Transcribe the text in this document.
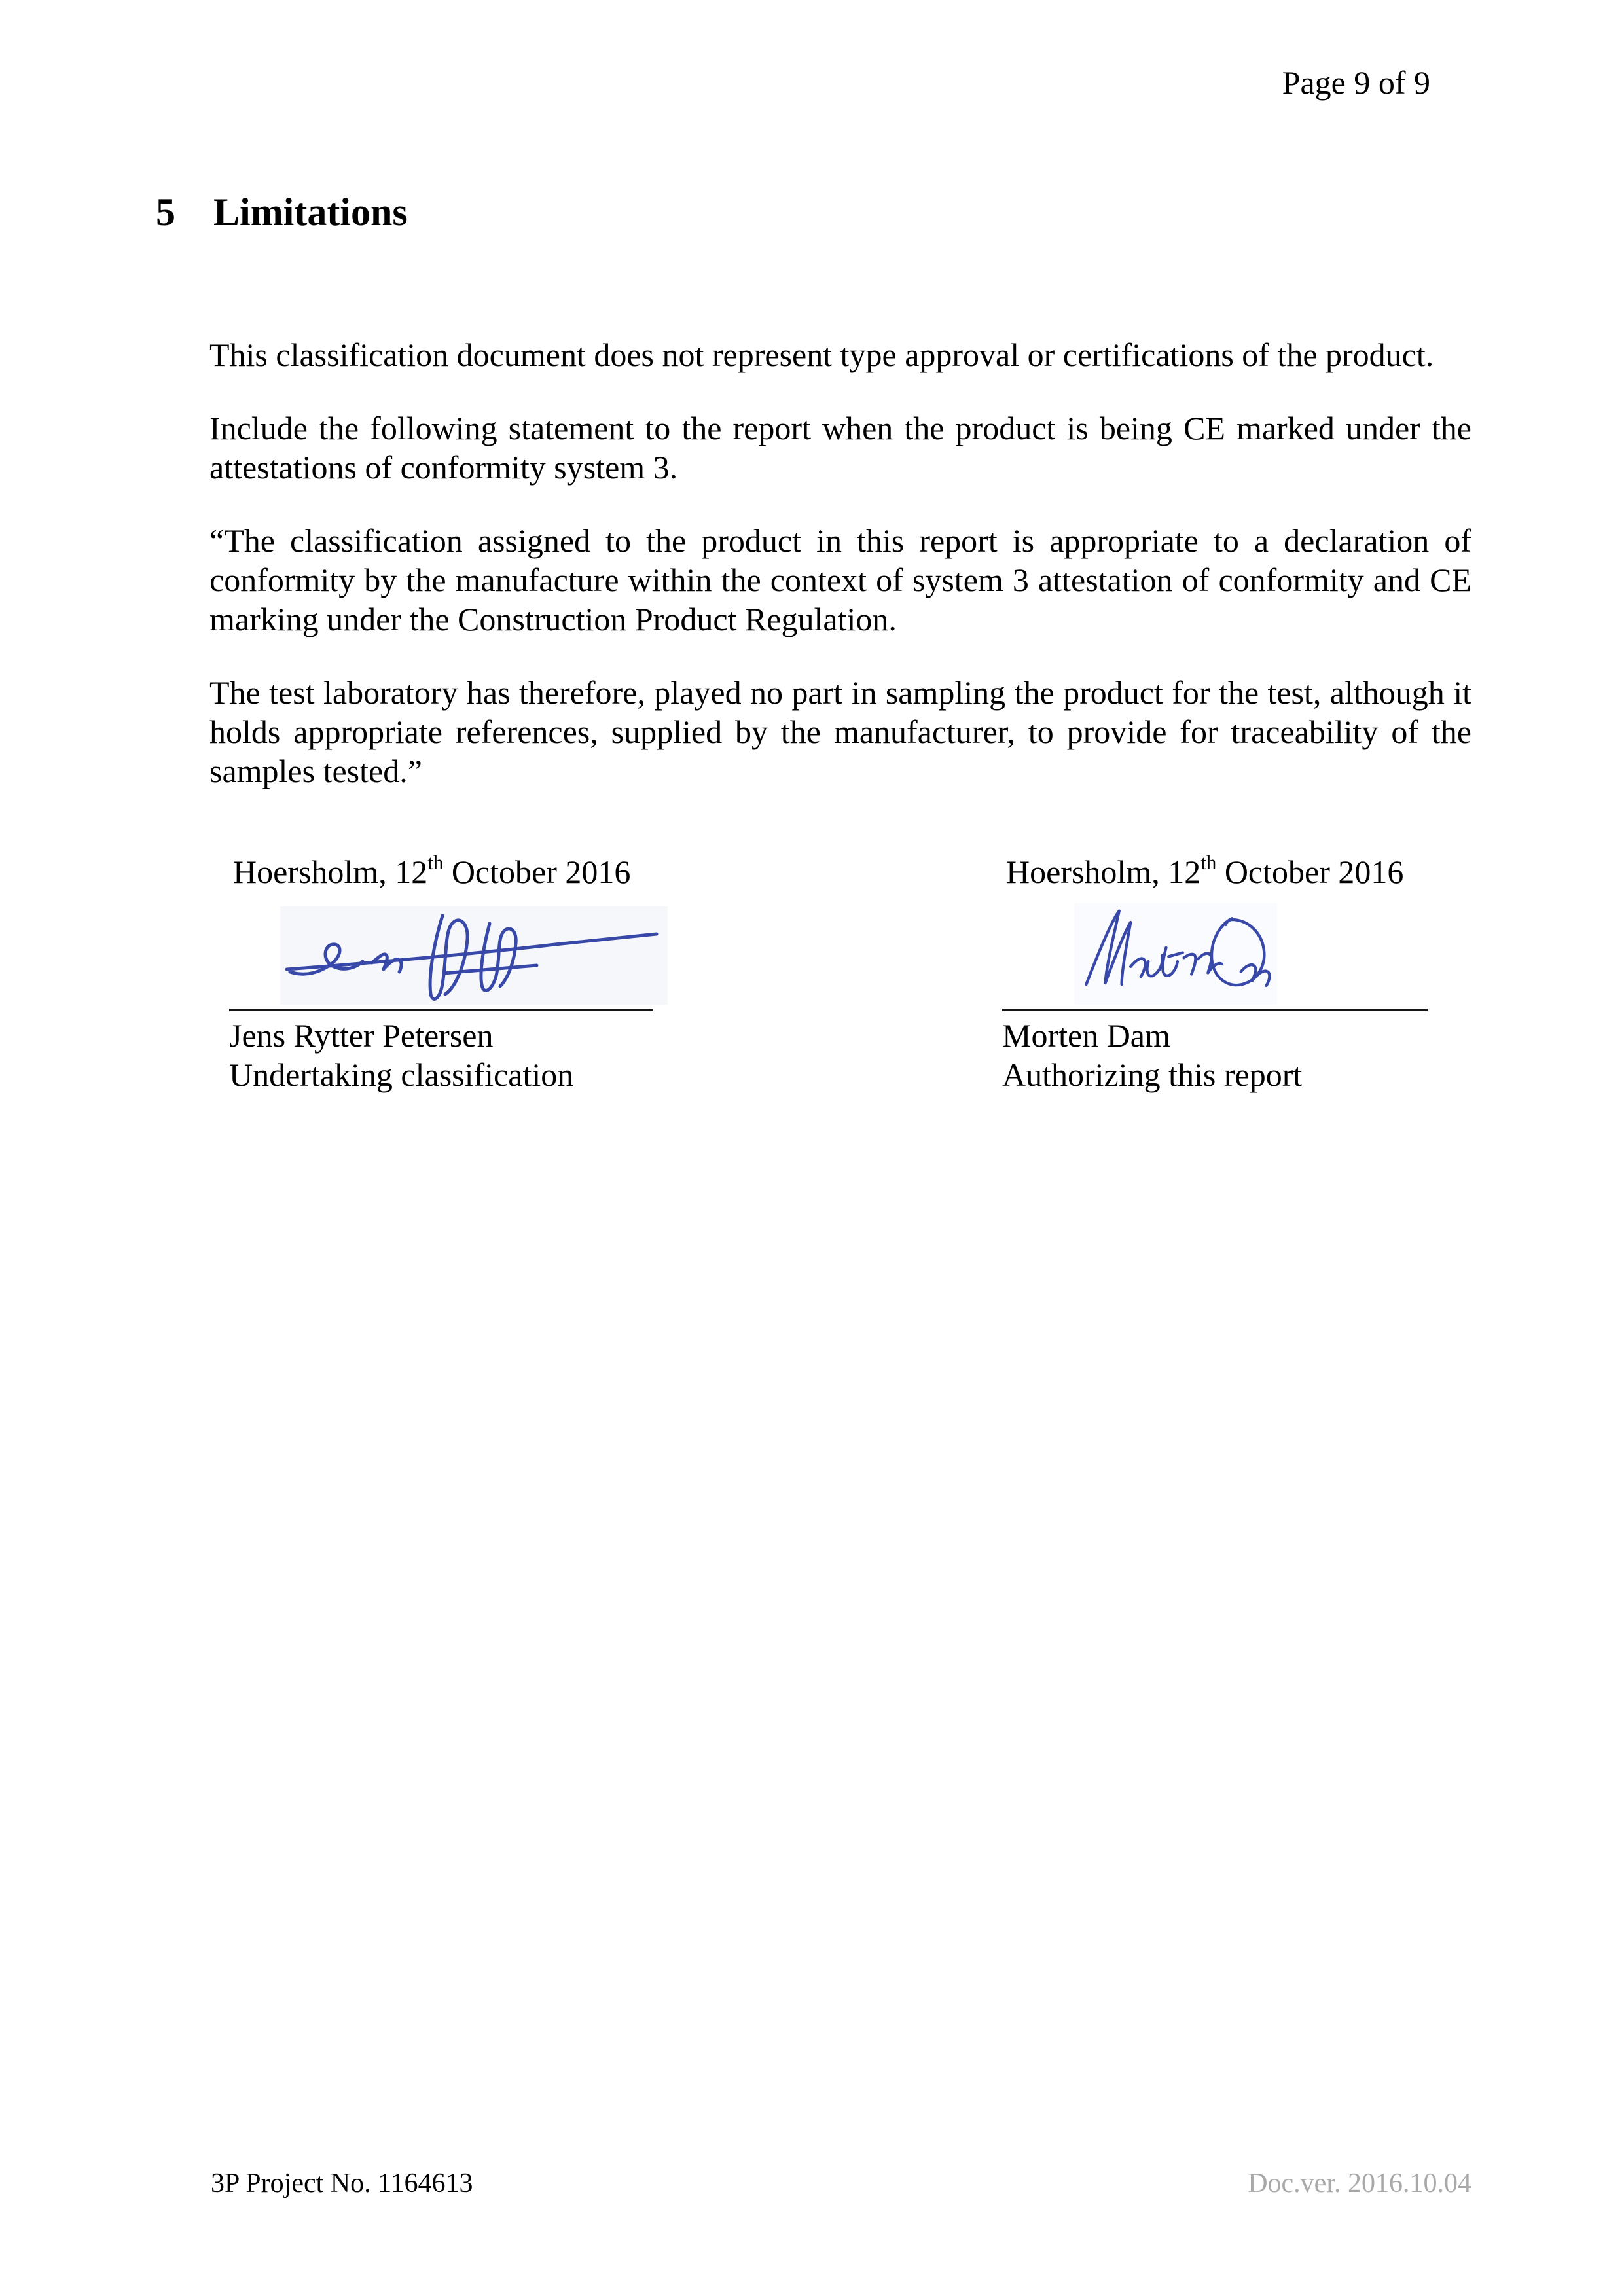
Page 9 of 9
5 Limitations

This classification document does not represent type approval or certifications of the product.

Include the following statement to the report when the product is being CE marked under the attestations of conformity system 3.

“The classification assigned to the product in this report is appropriate to a declaration of conformity by the manufacture within the context of system 3 attestation of conformity and CE marking under the Construction Product Regulation.

The test laboratory has therefore, played no part in sampling the product for the test, although it holds appropriate references, supplied by the manufacturer, to provide for traceability of the samples tested.”

Hoersholm, 12th October 2016
Jens Rytter Petersen
Undertaking classification
Hoersholm, 12th October 2016
Morten Dam
Authorizing this report
3P Project No. 1164613	Doc.ver. 2016.10.04
